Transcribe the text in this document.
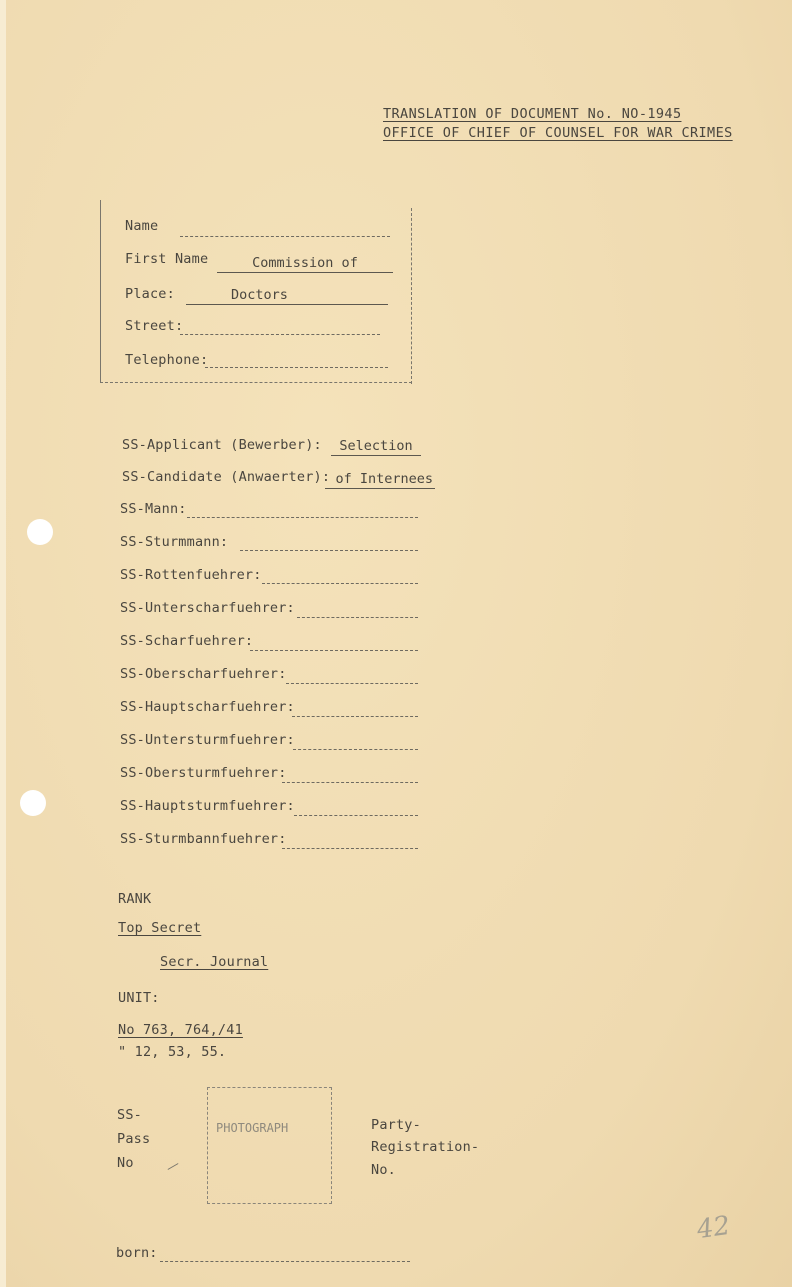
TRANSLATION OF DOCUMENT No. NO-1945
OFFICE OF CHIEF OF COUNSEL FOR WAR CRIMES
Name
First Name	Commission of
Place:	Doctors
Street:
Telephone:
SS-Applicant (Bewerber):	Selection
SS-Candidate (Anwaerter): of Internees
SS-Mann:
SS-Sturmmann:
SS-Rottenfuehrer:
SS-Unterscharfuehrer:
SS-Scharfuehrer:
SS-Oberscharfuehrer:
SS-Hauptscharfuehrer:
SS-Untersturmfuehrer:
SS-Obersturmfuehrer:
SS-Hauptsturmfuehrer:
SS-Sturmbannfuehrer:
RANK
Top Secret
Secr. Journal
UNIT:
No 763, 764,/41
" 12, 53, 55.
SS-
Pass
No
PHOTOGRAPH	Party-
Registration-
No.
42
born:
